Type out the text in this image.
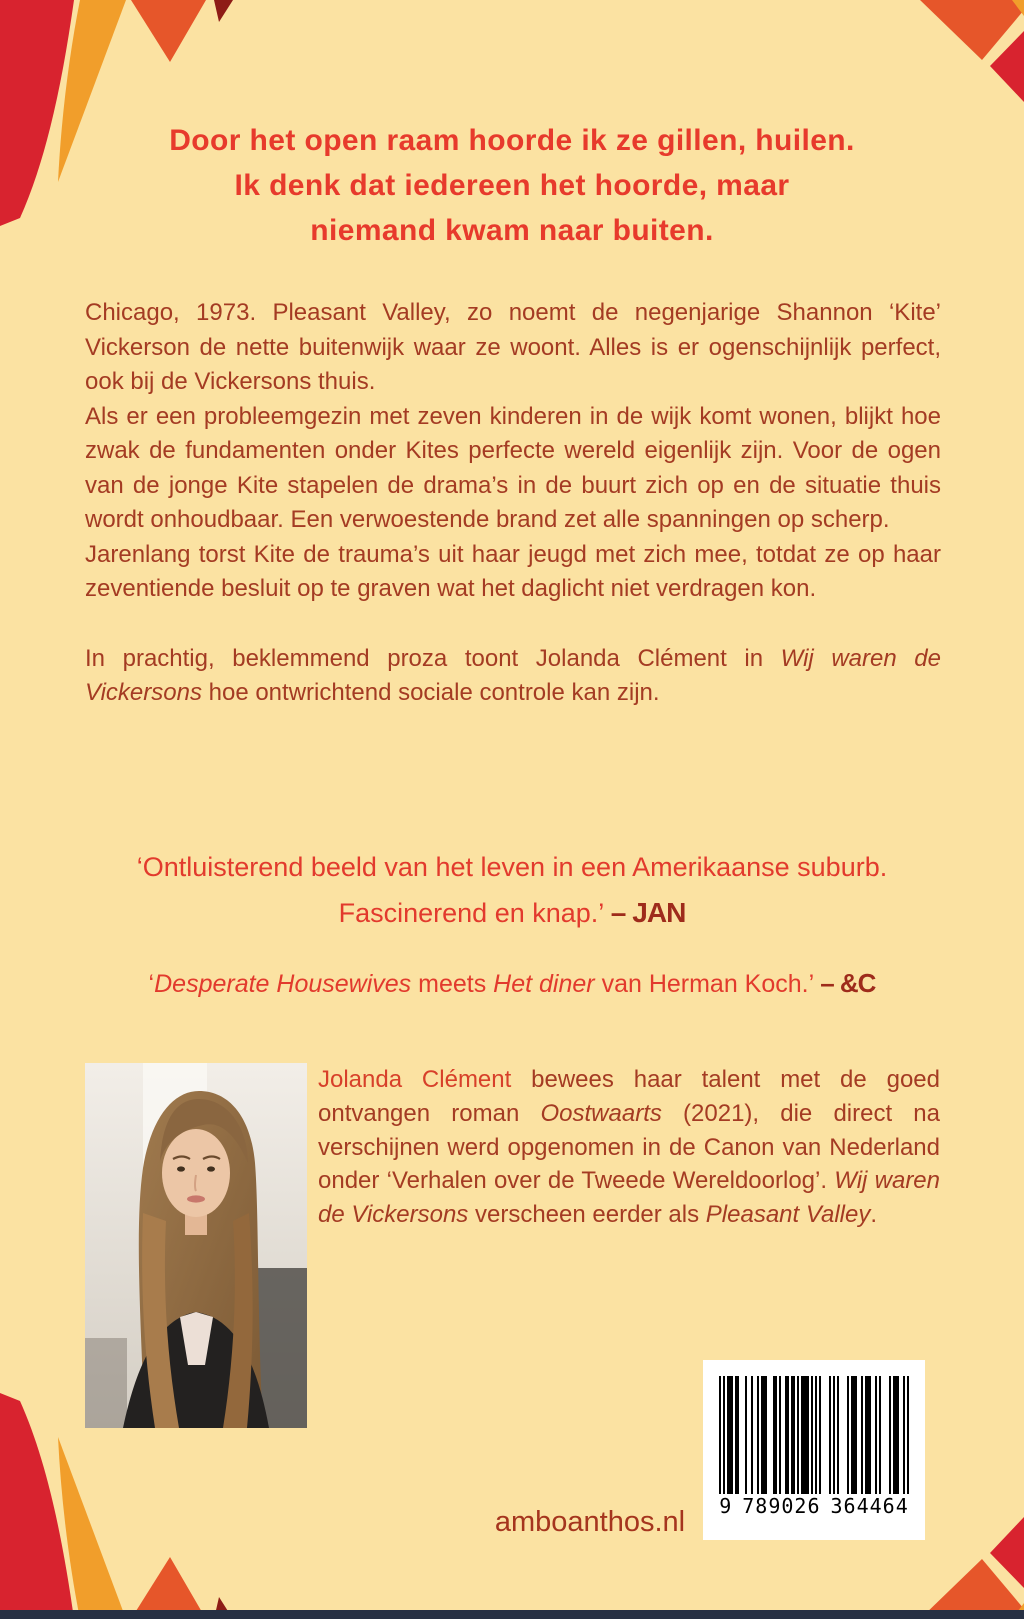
Door het open raam hoorde ik ze gillen, huilen.
Ik denk dat iedereen het hoorde, maar
niemand kwam naar buiten.

Chicago, 1973. Pleasant Valley, zo noemt de negenjarige Shannon ‘Kite’ Vickerson de nette buitenwijk waar ze woont. Alles is er ogenschijnlijk perfect, ook bij de Vickersons thuis.

Als er een probleemgezin met zeven kinderen in de wijk komt wonen, blijkt hoe zwak de fundamenten onder Kites perfecte wereld eigenlijk zijn. Voor de ogen van de jonge Kite stapelen de drama’s in de buurt zich op en de situatie thuis wordt onhoudbaar. Een verwoestende brand zet alle spanningen op scherp.

Jarenlang torst Kite de trauma’s uit haar jeugd met zich mee, totdat ze op haar zeventiende besluit op te graven wat het daglicht niet verdragen kon.

In prachtig, beklemmend proza toont Jolanda Clément in Wij waren de Vickersons hoe ontwrichtend sociale controle kan zijn.

‘Ontluisterend beeld van het leven in een Amerikaanse suburb.
Fascinerend en knap.’ – JAN
‘Desperate Housewives meets Het diner van Herman Koch.’ – &C
Jolanda Clément bewees haar talent met de goed ontvangen roman Oostwaarts (2021), die direct na verschijnen werd opgenomen in de Canon van Nederland onder ‘Verhalen over de Tweede Wereldoorlog’. Wij waren de Vickersons verscheen eerder als Pleasant Valley.
9 789026 364464
amboanthos.nl
